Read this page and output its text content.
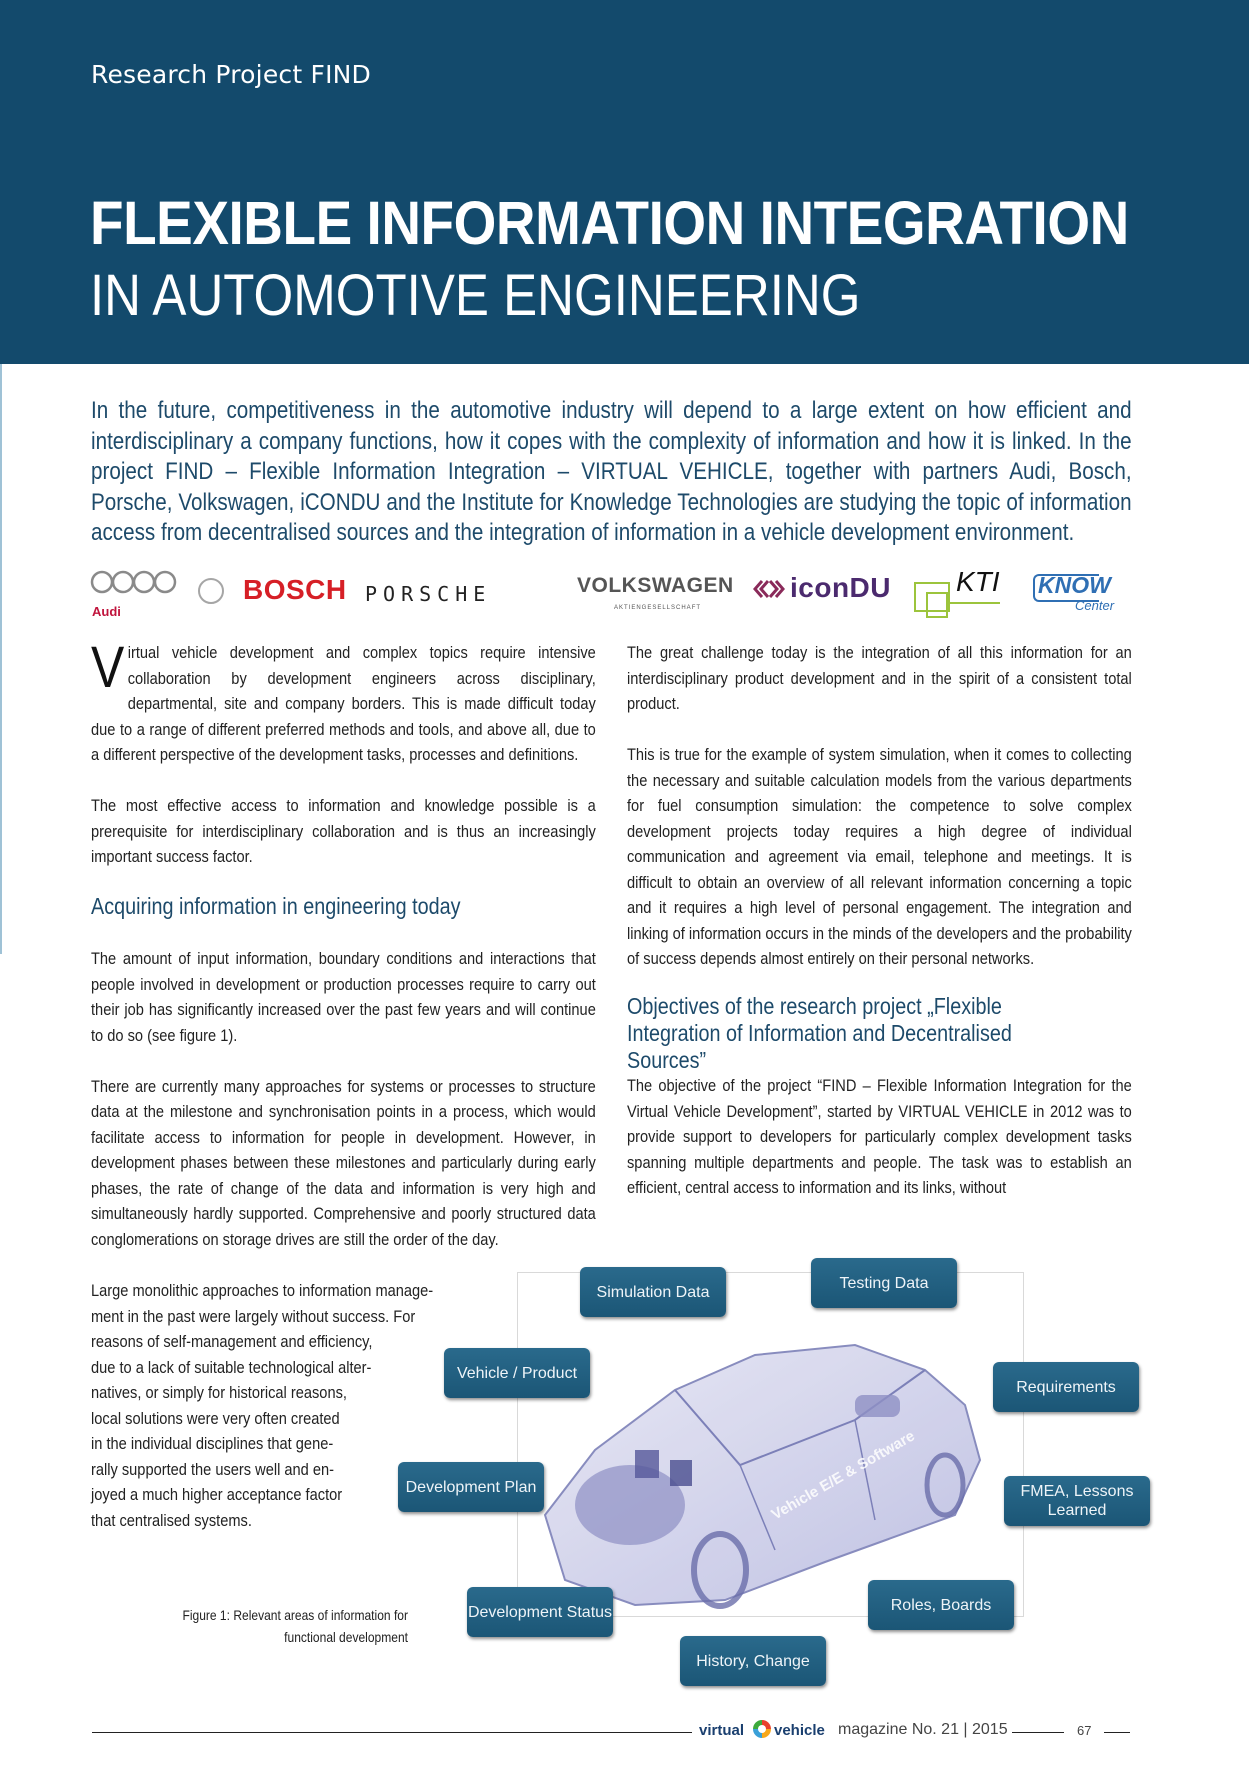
Research Project FIND
FLEXIBLE INFORMATION INTEGRATION
IN AUTOMOTIVE ENGINEERING
In the future, competitiveness in the automotive industry will depend to a large extent on how efficient and interdisciplinary a company functions, how it copes with the complexity of information and how it is linked. In the project FIND – Flexible Information Integration – VIRTUAL VEHICLE, together with partners Audi, Bosch, Porsche, Volkswagen, iCONDU and the Institute for Knowledge Technologies are studying the topic of information access from decentralised sources and the integration of information in a vehicle development environment.
Audi
BOSCH PORSCHE	VOLKSWAGEN
AKTIENGESELLSCHAFT
iconDU KTI KNOW
Center

Virtual vehicle development and complex topics require intensive collaboration by development engineers across disciplinary, departmental, site and company borders. This is made difficult today due to a range of different preferred methods and tools, and above all, due to a different perspective of the development tasks, processes and definitions.

The most effective access to information and knowledge possible is a prerequisite for interdisciplinary collaboration and is thus an increasingly important success factor.

Acquiring information in engineering today

The amount of input information, boundary conditions and interactions that people involved in development or production processes require to carry out their job has significantly increased over the past few years and will continue to do so (see figure 1).

There are currently many approaches for systems or processes to structure data at the milestone and synchronisation points in a process, which would facilitate access to information for people in development. However, in development phases between these milestones and particularly during early phases, the rate of change of the data and information is very high and simultaneously hardly supported. Comprehensive and poorly structured data conglomerations on storage drives are still the order of the day.

Large monolithic approaches to information manage-
ment in the past were largely without success. For
reasons of self-management and efficiency,
due to a lack of suitable technological alter-
natives, or simply for historical reasons,
local solutions were very often created
in the individual disciplines that gene-
rally supported the users well and en-
joyed a much higher acceptance factor
that centralised systems.

The great challenge today is the integration of all this information for an interdisciplinary product development and in the spirit of a consistent total product.

This is true for the example of system simulation, when it comes to collecting the necessary and suitable calculation models from the various departments for fuel consumption simulation: the competence to solve complex development projects today requires a high degree of individual communication and agreement via email, telephone and meetings. It is difficult to obtain an overview of all relevant information concerning a topic and it requires a high level of personal engagement. The integration and linking of information occurs in the minds of the developers and the probability of success depends almost entirely on their personal networks.

Objectives of the research project „Flexible Integration of Information and Decentralised Sources”

The objective of the project “FIND – Flexible Information Integration for the Virtual Vehicle Development”, started by VIRTUAL VEHICLE in 2012 was to provide support to developers for particularly complex development tasks spanning multiple departments and people. The task was to establish an efficient, central access to information and its links, without

Vehicle E/E & Software
Simulation Data
Testing Data
Vehicle / Product
Requirements
Development Plan	FMEA, Lessons Learned
Development Status	Roles, Boards
History, Change
Figure 1: Relevant areas of information for
functional development
virtual vehicle magazine No. 21 | 2015	67
